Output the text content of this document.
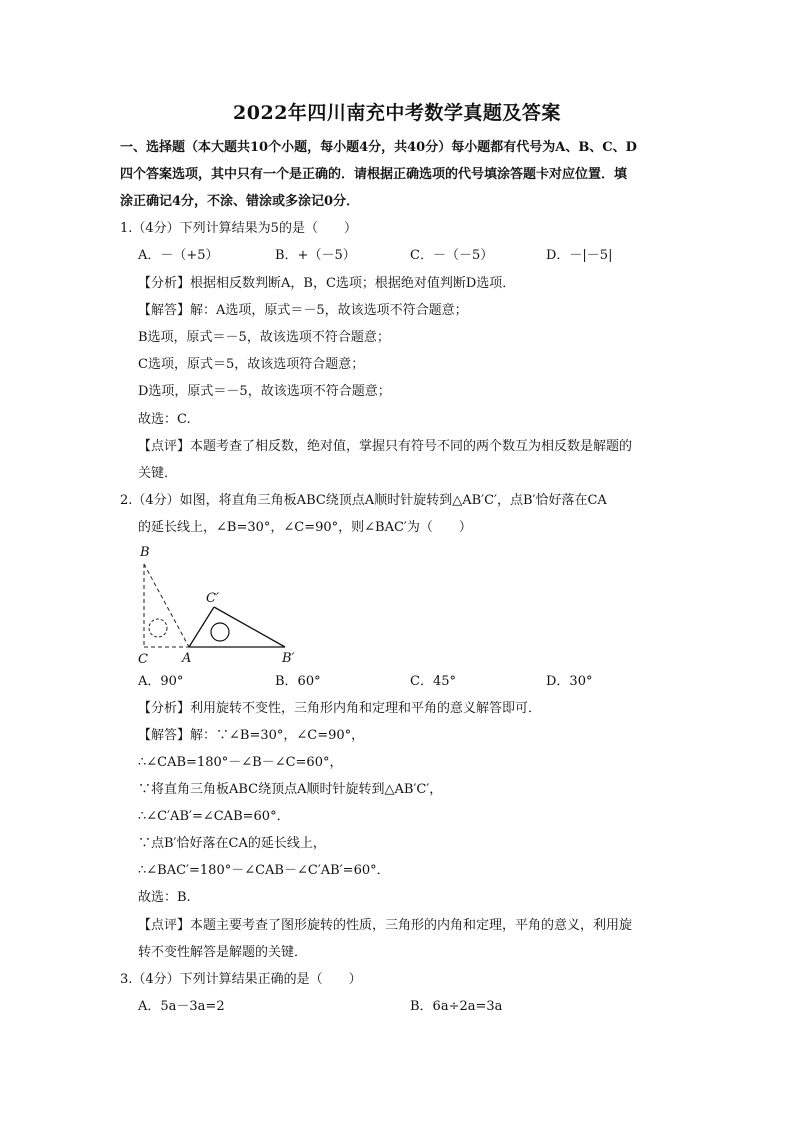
2022年四川南充中考数学真题及答案
一、选择题（本大题共10个小题，每小题4分，共40分）每小题都有代号为A、B、C、D
四个答案选项，其中只有一个是正确的．请根据正确选项的代号填涂答题卡对应位置．填
涂正确记4分，不涂、错涂或多涂记0分．
1.（4分）下列计算结果为5的是（　　）
A．－（+5）	B．+（－5）	C．－（－5）	D．－|－5|
【分析】根据相反数判断A，B，C选项；根据绝对值判断D选项．
【解答】解：A选项，原式＝－5，故该选项不符合题意；
B选项，原式＝－5，故该选项不符合题意；
C选项，原式＝5，故该选项符合题意；
D选项，原式＝－5，故该选项不符合题意；
故选：C.
【点评】本题考查了相反数，绝对值，掌握只有符号不同的两个数互为相反数是解题的
关键．
2.（4分）如图，将直角三角板ABC绕顶点A顺时针旋转到△AB′C′，点B′恰好落在CA
的延长线上，∠B=30°，∠C=90°，则∠BAC′为（　　）
B
C	A	B′
C′
A．90°	B．60°	C．45°	D．30°
【分析】利用旋转不变性，三角形内角和定理和平角的意义解答即可．
【解答】解：∵∠B=30°，∠C=90°，
∴∠CAB=180°－∠B－∠C=60°，
∵将直角三角板ABC绕顶点A顺时针旋转到△AB′C′，
∴∠C′AB′=∠CAB=60°．
∵点B′恰好落在CA的延长线上，
∴∠BAC′=180°－∠CAB－∠C′AB′=60°．
故选：B.
【点评】本题主要考查了图形旋转的性质，三角形的内角和定理，平角的意义，利用旋
转不变性解答是解题的关键．
3.（4分）下列计算结果正确的是（　　）
A．5a－3a=2	B．6a÷2a=3a
